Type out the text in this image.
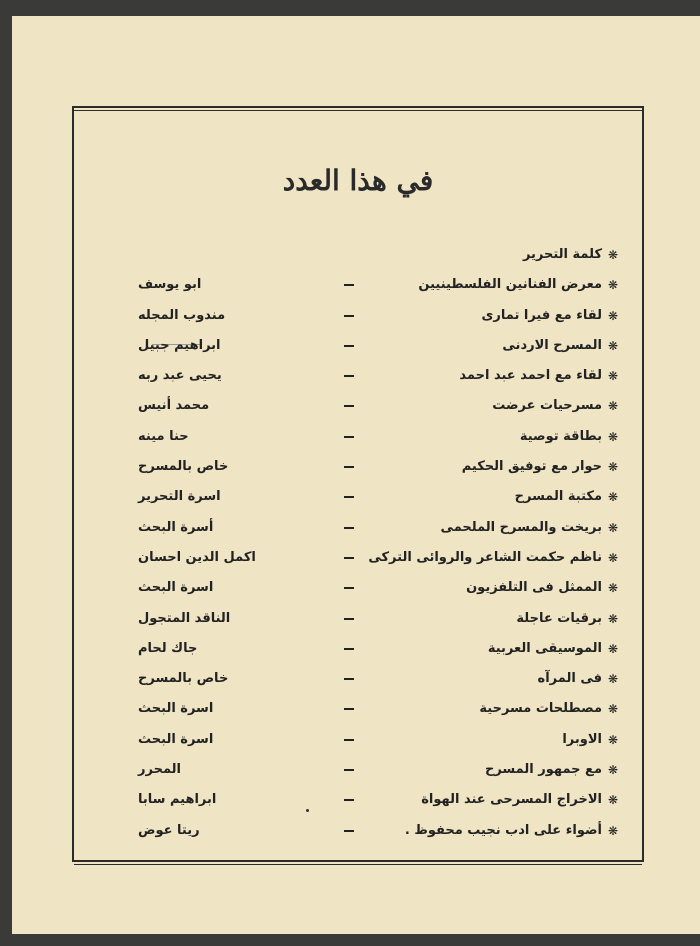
في هذا العدد
❋
كلمة التحرير
❋
معرض الفنانين الفلسطينيين
ابو يوسف
❋
لقاء مع فيرا تمارى
مندوب المجله
❋
المسرح الاردنى
ابراهيم جبيل
❋
لقاء مع احمد عبد احمد
يحيى عبد ربه
❋
مسرحيات عرضت
محمد أنيس
❋
بطاقة توصية
حنا مينه
❋
حوار مع توفيق الحكيم
خاص بالمسرح
❋
مكتبة المسرح
اسرة التحرير
❋
بريخت والمسرح الملحمى
أسرة البحث
❋
ناظم حكمت الشاعر والروائى التركى
اكمل الدين احسان
❋
الممثل فى التلفزيون
اسرة البحث
❋
برقيات عاجلة
الناقد المتجول
❋
الموسيقى العربية
جاك لحام
❋
فى المرآه
خاص بالمسرح
❋
مصطلحات مسرحية
اسرة البحث
❋
الاوبرا
اسرة البحث
❋
مع جمهور المسرح
المحرر
❋
الاخراج المسرحى عند الهواة
ابراهيم سابا
❋
أضواء على ادب نجيب محفوظ .
ريتا عوض
